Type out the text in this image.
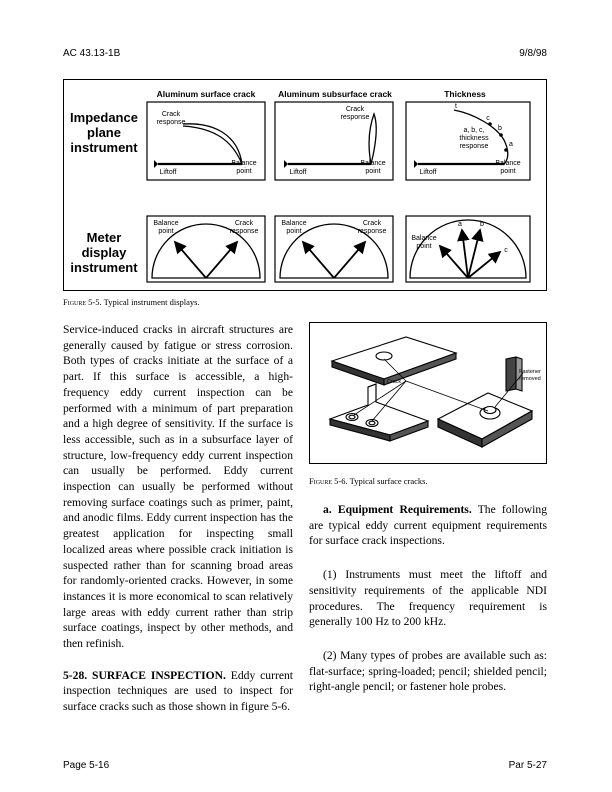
AC 43.13-1B	9/8/98
Impedance
plane
instrument
Meter
display
instrument
Aluminum surface crack	Aluminum subsurface crack	Thickness
Crack
response
Liftoff
Balance
point
Crack
response
Liftoff
Balance
point
t
c
b
a
a, b, c,
thickness
response
Liftoff
Balance
point
Balance
point
Crack
response
Balance
point
Crack
response
Balance
point
a	b
c
Figure 5-5. Typical instrument displays.

Service-induced cracks in aircraft structures are generally caused by fatigue or stress corrosion. Both types of cracks initiate at the surface of a part. If this surface is accessible, a high-frequency eddy current inspection can be performed with a minimum of part preparation and a high degree of sensitivity. If the surface is less accessible, such as in a subsurface layer of structure, low-frequency eddy current inspection can usually be performed. Eddy current inspection can usually be performed without removing surface coatings such as primer, paint, and anodic films. Eddy current inspection has the greatest application for inspecting small localized areas where possible crack initiation is suspected rather than for scanning broad areas for randomly-oriented cracks. However, in some instances it is more economical to scan relatively large areas with eddy current rather than strip surface coatings, inspect by other methods, and then refinish.

5-28. SURFACE INSPECTION. Eddy current inspection techniques are used to inspect for surface cracks such as those shown in figure 5-6.

Crack
Fastener
removed
Figure 5-6. Typical surface cracks.

a. Equipment Requirements. The following are typical eddy current equipment requirements for surface crack inspections.

(1) Instruments must meet the liftoff and sensitivity requirements of the applicable NDI procedures. The frequency requirement is generally 100 Hz to 200 kHz.

(2) Many types of probes are available such as: flat-surface; spring-loaded; pencil; shielded pencil; right-angle pencil; or fastener hole probes.

Page 5-16	Par 5-27
